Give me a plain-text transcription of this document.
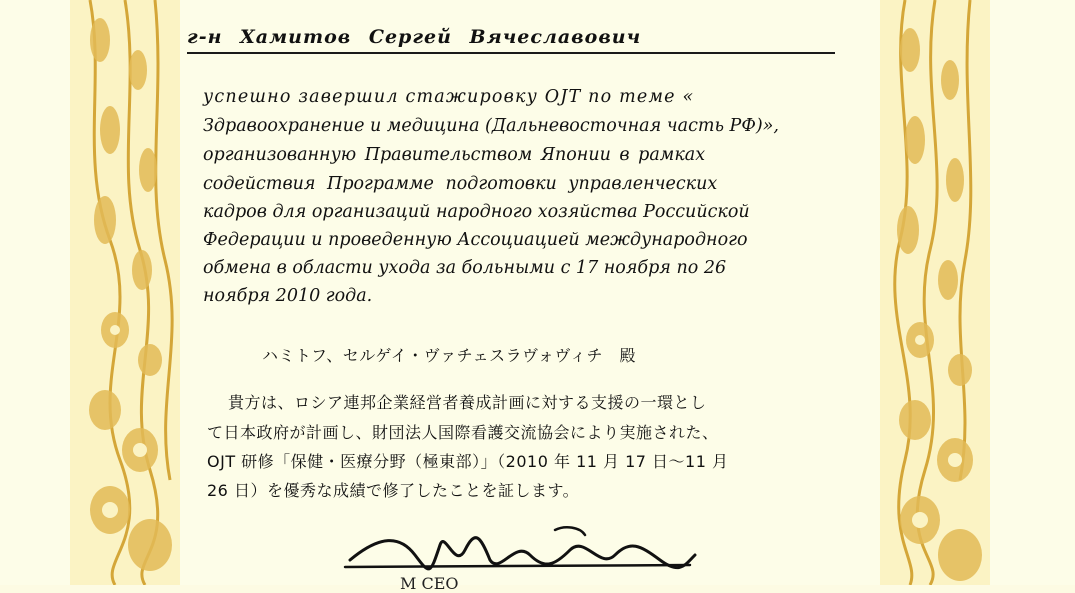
г-н Хамитов Сергей Вячеславович
успешно завершил стажировку OJT по теме «
Здравоохранение и медицина (Дальневосточная часть РФ)»,
организованную Правительством Японии в рамках
содействия Программе подготовки управленческих
кадров для организаций народного хозяйства Российской
Федерации и проведенную Ассоциацией международного
обмена в области ухода за больными с 17 ноября по 26
ноября 2010 года.
ハミトフ、セルゲイ・ヴァチェスラヴォヴィチ　殿
貴方は、ロシア連邦企業経営者養成計画に対する支援の一環とし
て日本政府が計画し、財団法人国際看護交流協会により実施された、
OJT 研修「保健・医療分野（極東部）」（2010 年 11 月 17 日～11 月
26 日）を優秀な成績で修了したことを証します。
M CEO
